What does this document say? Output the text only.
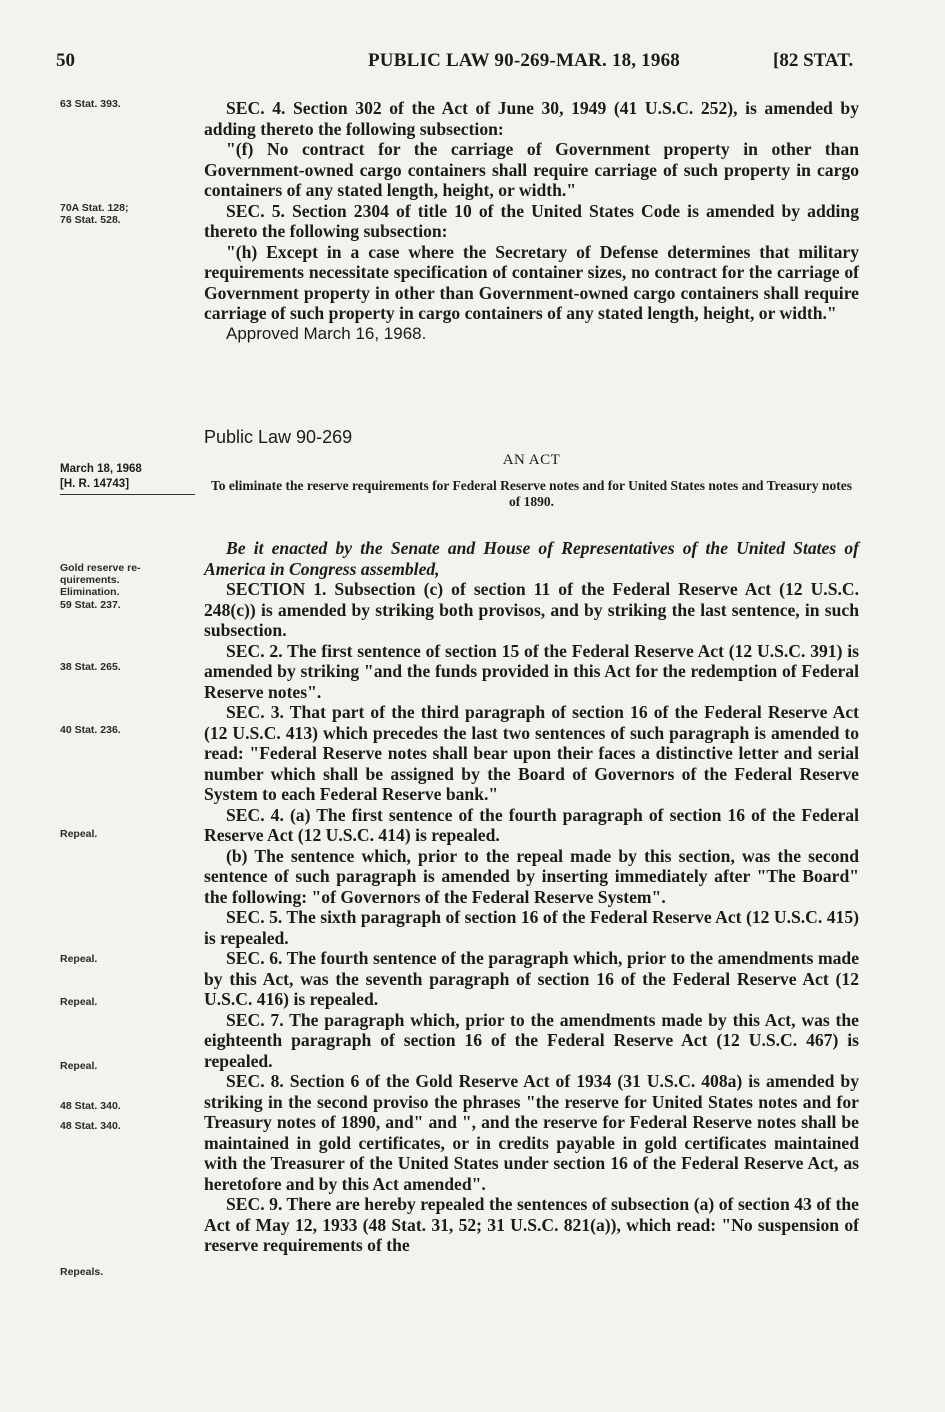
50	PUBLIC LAW 90-269-MAR. 18, 1968	[82 STAT.
63 Stat. 393.
70A Stat. 128;
76 Stat. 528.
March 18, 1968
[H. R. 14743]
Gold reserve re-
quirements.
Elimination.
59 Stat. 237.
38 Stat. 265.
40 Stat. 236.
Repeal.
Repeal.
Repeal.
Repeal.
48 Stat. 340.
48 Stat. 340.
Repeals.

SEC. 4. Section 302 of the Act of June 30, 1949 (41 U.S.C. 252), is amended by adding thereto the following subsection:

"(f) No contract for the carriage of Government property in other than Government-owned cargo containers shall require carriage of such property in cargo containers of any stated length, height, or width."

SEC. 5. Section 2304 of title 10 of the United States Code is amended by adding thereto the following subsection:

"(h) Except in a case where the Secretary of Defense determines that military requirements necessitate specification of container sizes, no contract for the carriage of Government property in other than Government-owned cargo containers shall require carriage of such property in cargo containers of any stated length, height, or width."

Approved March 16, 1968.

Public Law 90-269
AN ACT
To eliminate the reserve requirements for Federal Reserve notes and for United States notes and Treasury notes of 1890.

Be it enacted by the Senate and House of Representatives of the United States of America in Congress assembled,

SECTION 1. Subsection (c) of section 11 of the Federal Reserve Act (12 U.S.C. 248(c)) is amended by striking both provisos, and by striking the last sentence, in such subsection.

SEC. 2. The first sentence of section 15 of the Federal Reserve Act (12 U.S.C. 391) is amended by striking "and the funds provided in this Act for the redemption of Federal Reserve notes".

SEC. 3. That part of the third paragraph of section 16 of the Federal Reserve Act (12 U.S.C. 413) which precedes the last two sentences of such paragraph is amended to read: "Federal Reserve notes shall bear upon their faces a distinctive letter and serial number which shall be assigned by the Board of Governors of the Federal Reserve System to each Federal Reserve bank."

SEC. 4. (a) The first sentence of the fourth paragraph of section 16 of the Federal Reserve Act (12 U.S.C. 414) is repealed.

(b) The sentence which, prior to the repeal made by this section, was the second sentence of such paragraph is amended by inserting immediately after "The Board" the following: "of Governors of the Federal Reserve System".

SEC. 5. The sixth paragraph of section 16 of the Federal Reserve Act (12 U.S.C. 415) is repealed.

SEC. 6. The fourth sentence of the paragraph which, prior to the amendments made by this Act, was the seventh paragraph of section 16 of the Federal Reserve Act (12 U.S.C. 416) is repealed.

SEC. 7. The paragraph which, prior to the amendments made by this Act, was the eighteenth paragraph of section 16 of the Federal Reserve Act (12 U.S.C. 467) is repealed.

SEC. 8. Section 6 of the Gold Reserve Act of 1934 (31 U.S.C. 408a) is amended by striking in the second proviso the phrases "the reserve for United States notes and for Treasury notes of 1890, and" and ", and the reserve for Federal Reserve notes shall be maintained in gold certificates, or in credits payable in gold certificates maintained with the Treasurer of the United States under section 16 of the Federal Reserve Act, as heretofore and by this Act amended".

SEC. 9. There are hereby repealed the sentences of subsection (a) of section 43 of the Act of May 12, 1933 (48 Stat. 31, 52; 31 U.S.C. 821(a)), which read: "No suspension of reserve requirements of the
